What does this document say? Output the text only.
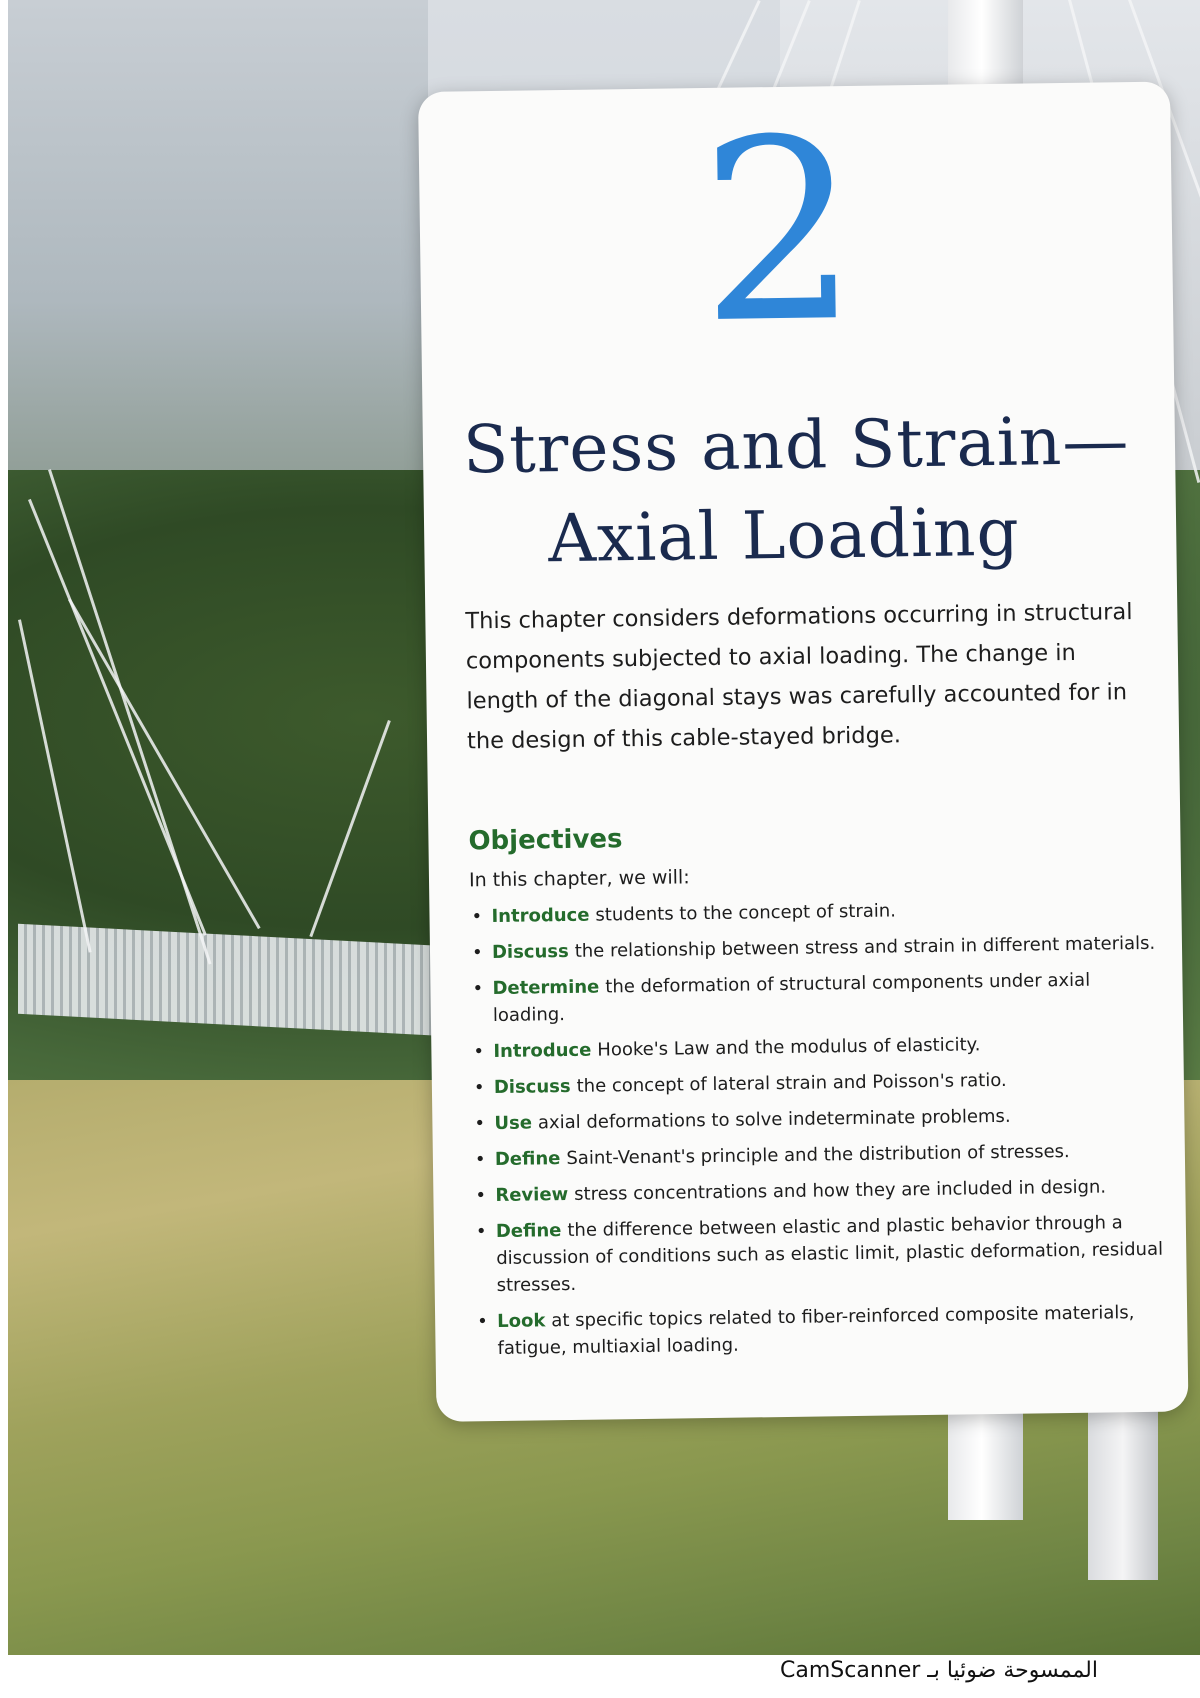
2
Stress and Strain—
Axial Loading

This chapter considers deformations occurring in structural components subjected to axial loading. The change in length of the diagonal stays was carefully accounted for in the design of this cable-stayed bridge.

Objectives
In this chapter, we will:
• Introduce students to the concept of strain.
• Discuss the relationship between stress and strain in different materials.
• Determine the deformation of structural components under axial loading.
• Introduce Hooke's Law and the modulus of elasticity.
• Discuss the concept of lateral strain and Poisson's ratio.
• Use axial deformations to solve indeterminate problems.
• Define Saint-Venant's principle and the distribution of stresses.
• Review stress concentrations and how they are included in design.
• Define the difference between elastic and plastic behavior through a discussion of conditions such as elastic limit, plastic deformation, residual stresses.
• Look at specific topics related to fiber-reinforced composite materials, fatigue, multiaxial loading.
CamScanner الممسوحة ضوئيا بـ
